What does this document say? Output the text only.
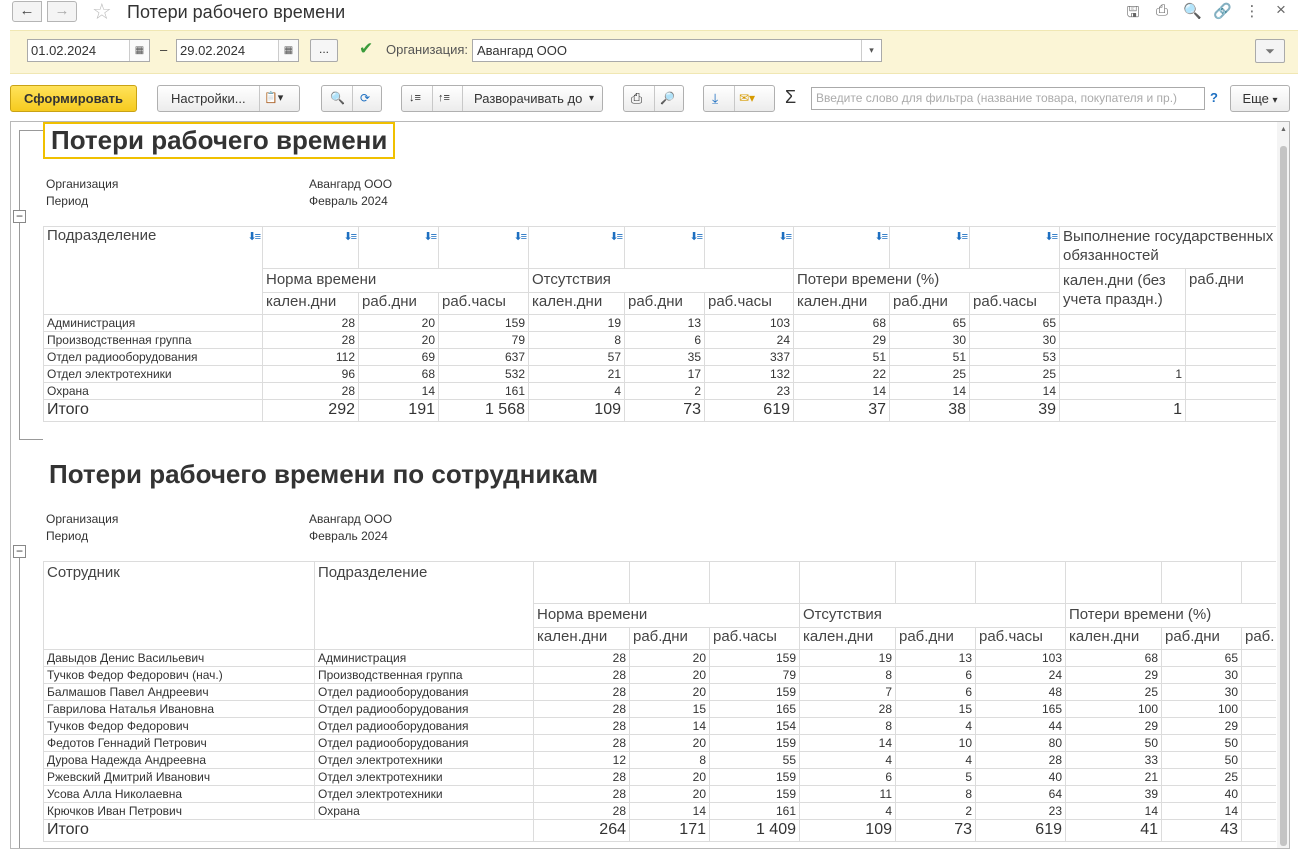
←	→	☆ Потери рабочего времени	🖫 ⎙ 🔍 🔗 ⋮ ×
01.02.2024	▦	– 29.02.2024	▦	...	✔ Организация: Авангард ООО	▾	⏷
Сформировать	Настройки... 📋▾	🔍 ⟳	↓≡ ↑≡ Разворачивать до ▾	⎙ 🔎	⤓ ✉▾ Σ	Введите слово для фильтра (название товара, покупателя и пр.)	?	Еще ▾
−
−
Потери рабочего времени
Организация	Авангард ООО
Период	Февраль 2024
Подразделение ⬇≡	⬇≡	⬇≡	⬇≡	⬇≡	⬇≡	⬇≡	⬇≡	⬇≡	⬇≡	Выполнение государственных обязанностей	
	Норма времени			Отсутствия			Потери времени (%)			кален.дни (без учета праздн.)	раб.дни
	кален.дни	раб.дни	раб.часы	кален.дни	раб.дни	раб.часы	кален.дни	раб.дни	раб.часы		
Администрация	28	20	159	19	13	103	68	65	65		
Производственная группа	28	20	79	8	6	24	29	30	30		
Отдел радиооборудования	112	69	637	57	35	337	51	51	53		
Отдел электротехники	96	68	532	21	17	132	22	25	25	1	
Охрана	28	14	161	4	2	23	14	14	14		
Итого	292	191	1 568	109	73	619	37	38	39	1	
Потери рабочего времени по сотрудникам
Организация	Авангард ООО
Период	Февраль 2024
Сотрудник	Подразделение									
		Норма времени			Отсутствия			Потери времени (%)		
		кален.дни	раб.дни	раб.часы	кален.дни	раб.дни	раб.часы	кален.дни	раб.дни	раб.
Давыдов Денис Васильевич	Администрация	28	20	159	19	13	103	68	65	
Тучков Федор Федорович (нач.)	Производственная группа	28	20	79	8	6	24	29	30	
Балмашов Павел Андреевич	Отдел радиооборудования	28	20	159	7	6	48	25	30	
Гаврилова Наталья Ивановна	Отдел радиооборудования	28	15	165	28	15	165	100	100	
Тучков Федор Федорович	Отдел радиооборудования	28	14	154	8	4	44	29	29	
Федотов Геннадий Петрович	Отдел радиооборудования	28	20	159	14	10	80	50	50	
Дурова Надежда Андреевна	Отдел электротехники	12	8	55	4	4	28	33	50	
Ржевский Дмитрий Иванович	Отдел электротехники	28	20	159	6	5	40	21	25	
Усова Алла Николаевна	Отдел электротехники	28	20	159	11	8	64	39	40	
Крючков Иван Петрович	Охрана	28	14	161	4	2	23	14	14	
Итого		264	171	1 409	109	73	619	41	43	
▲
